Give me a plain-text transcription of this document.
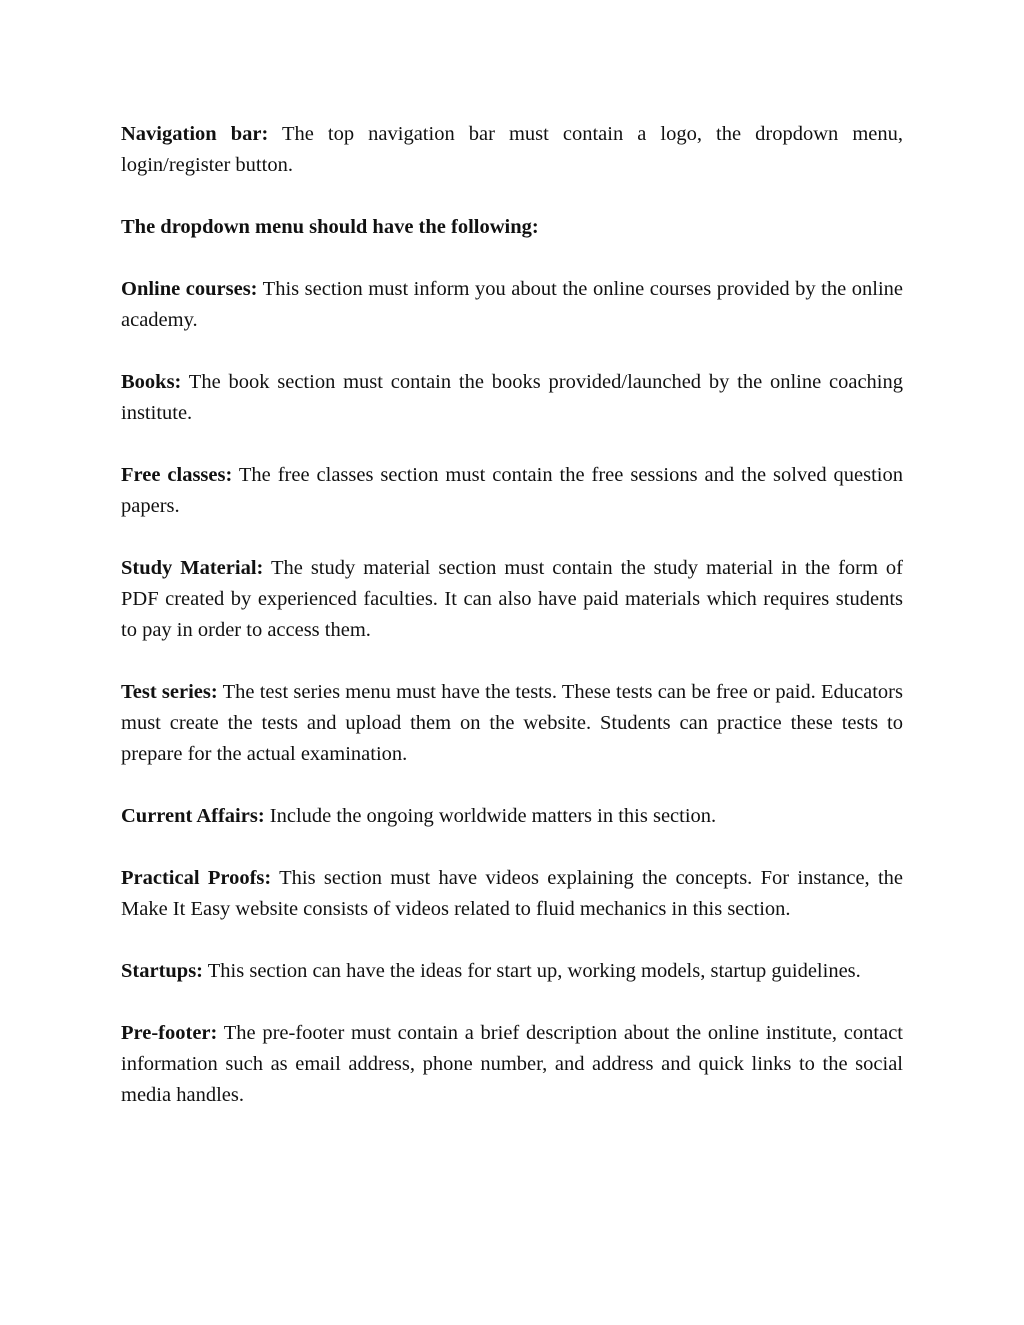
Navigation bar: The top navigation bar must contain a logo, the dropdown menu, login/register button.

The dropdown menu should have the following:

Online courses: This section must inform you about the online courses provided by the online academy.

Books: The book section must contain the books provided/launched by the online coaching institute.

Free classes: The free classes section must contain the free sessions and the solved question papers.

Study Material: The study material section must contain the study material in the form of PDF created by experienced faculties. It can also have paid materials which requires students to pay in order to access them.

Test series: The test series menu must have the tests. These tests can be free or paid. Educators must create the tests and upload them on the website. Students can practice these tests to prepare for the actual examination.

Current Affairs: Include the ongoing worldwide matters in this section.

Practical Proofs: This section must have videos explaining the concepts. For instance, the Make It Easy website consists of videos related to fluid mechanics in this section.

Startups: This section can have the ideas for start up, working models, startup guidelines.

Pre-footer: The pre-footer must contain a brief description about the online institute, contact information such as email address, phone number, and address and quick links to the social media handles.
